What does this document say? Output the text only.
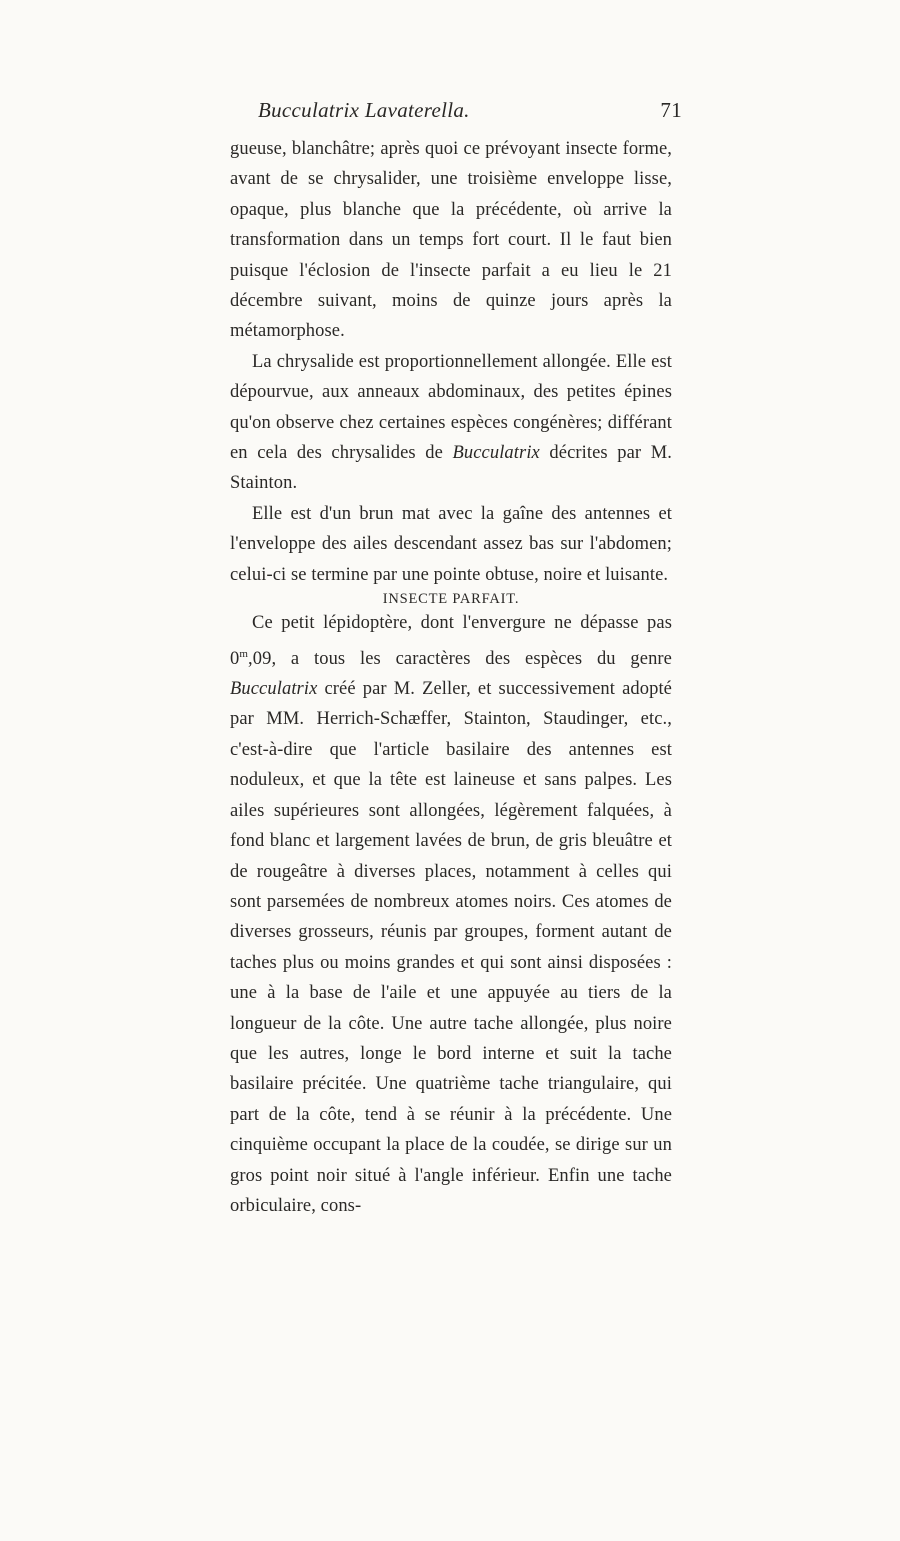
Bucculatrix Lavaterella.	71

gueuse, blanchâtre; après quoi ce prévoyant insecte forme, avant de se chrysalider, une troisième enveloppe lisse, opaque, plus blanche que la précédente, où arrive la transformation dans un temps fort court. Il le faut bien puisque l'éclosion de l'insecte parfait a eu lieu le 21 décembre suivant, moins de quinze jours après la métamorphose.

La chrysalide est proportionnellement allongée. Elle est dépourvue, aux anneaux abdominaux, des petites épines qu'on observe chez certaines espèces congénères; différant en cela des chrysalides de Bucculatrix décrites par M. Stainton.

Elle est d'un brun mat avec la gaîne des antennes et l'enveloppe des ailes descendant assez bas sur l'abdomen; celui-ci se termine par une pointe obtuse, noire et luisante.

INSECTE PARFAIT.

Ce petit lépidoptère, dont l'envergure ne dépasse pas 0$^m$,09, a tous les caractères des espèces du genre Bucculatrix créé par M. Zeller, et successivement adopté par MM. Herrich-Schæffer, Stainton, Staudinger, etc., c'est-à-dire que l'article basilaire des antennes est noduleux, et que la tête est laineuse et sans palpes. Les ailes supérieures sont allongées, légèrement falquées, à fond blanc et largement lavées de brun, de gris bleuâtre et de rougeâtre à diverses places, notamment à celles qui sont parsemées de nombreux atomes noirs. Ces atomes de diverses grosseurs, réunis par groupes, forment autant de taches plus ou moins grandes et qui sont ainsi disposées : une à la base de l'aile et une appuyée au tiers de la longueur de la côte. Une autre tache allongée, plus noire que les autres, longe le bord interne et suit la tache basilaire précitée. Une quatrième tache triangulaire, qui part de la côte, tend à se réunir à la précédente. Une cinquième occupant la place de la coudée, se dirige sur un gros point noir situé à l'angle inférieur. Enfin une tache orbiculaire, cons-
